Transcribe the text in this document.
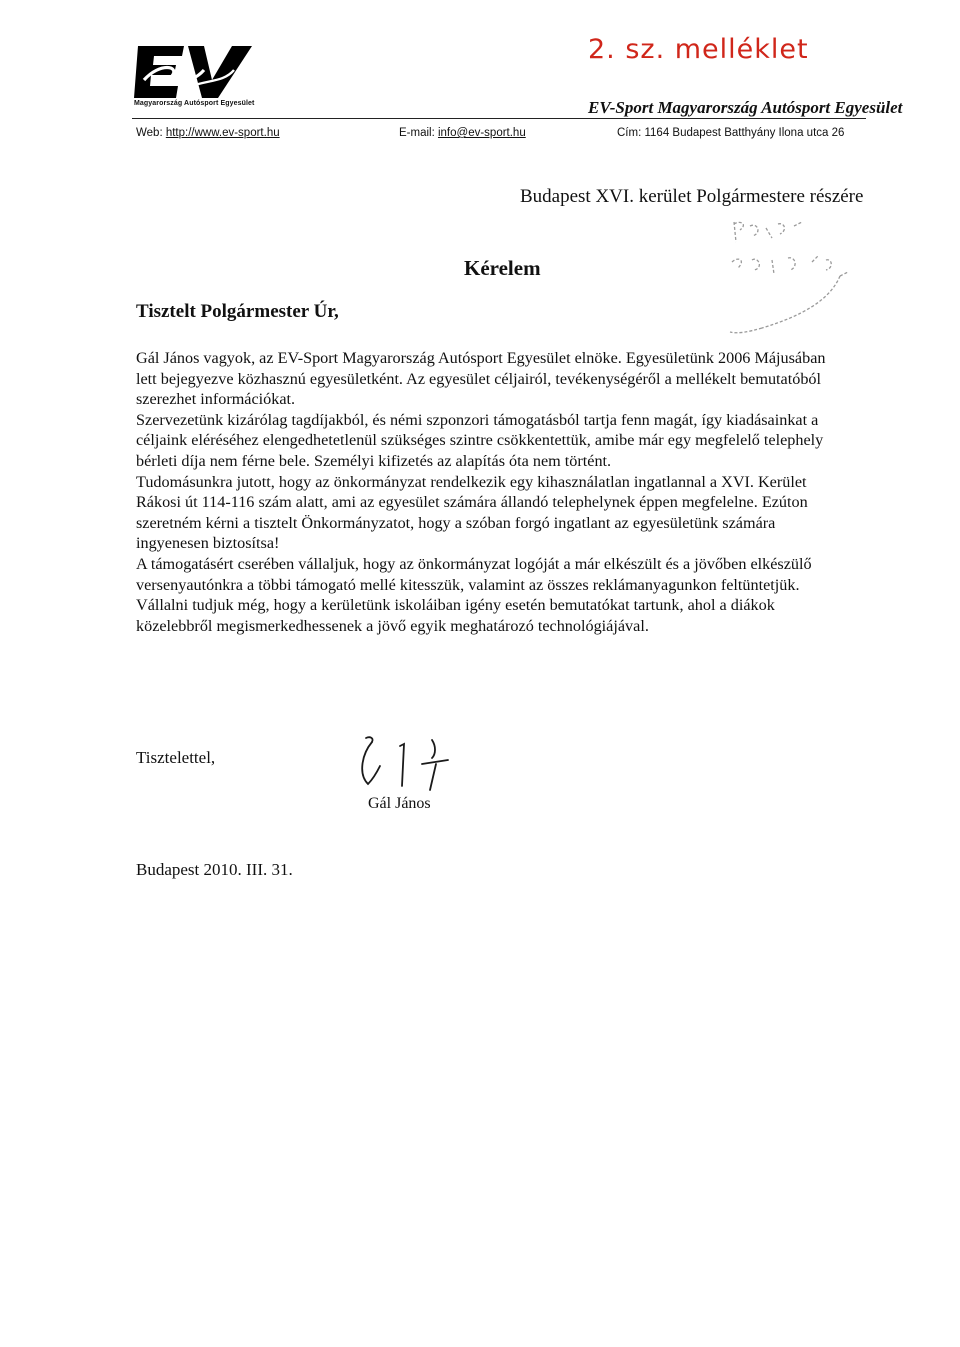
Magyarország Autósport Egyesület
2. sz. melléklet
EV-Sport Magyarország Autósport Egyesület
Web: http://www.ev-sport.hu	E-mail: info@ev-sport.hu	Cím: 1164 Budapest Batthyány Ilona utca 26
Budapest XVI. kerület Polgármestere részére
Kérelem
Tisztelt Polgármester Úr,

Gál János vagyok, az EV-Sport Magyarország Autósport Egyesület elnöke. Egyesületünk 2006 Májusában lett bejegyezve közhasznú egyesületként. Az egyesület céljairól, tevékenységéről a mellékelt bemutatóból szerezhet információkat.

Szervezetünk kizárólag tagdíjakból, és némi szponzori támogatásból tartja fenn magát, így kiadásainkat a céljaink eléréséhez elengedhetetlenül szükséges szintre csökkentettük, amibe már egy megfelelő telephely bérleti díja nem férne bele. Személyi kifizetés az alapítás óta nem történt.

Tudomásunkra jutott, hogy az önkormányzat rendelkezik egy kihasználatlan ingatlannal a XVI. Kerület Rákosi út 114-116 szám alatt, ami az egyesület számára állandó telephelynek éppen megfelelne. Ezúton szeretném kérni a tisztelt Önkormányzatot, hogy a szóban forgó ingatlant az egyesületünk számára ingyenesen biztosítsa!

A támogatásért cserében vállaljuk, hogy az önkormányzat logóját a már elkészült és a jövőben elkészülő versenyautónkra a többi támogató mellé kitesszük, valamint az összes reklámanyagunkon feltüntetjük. Vállalni tudjuk még, hogy a kerületünk iskoláiban igény esetén bemutatókat tartunk, ahol a diákok közelebbről megismerkedhessenek a jövő egyik meghatározó technológiájával.

Tisztelettel,
Gál János
Budapest 2010. III. 31.
